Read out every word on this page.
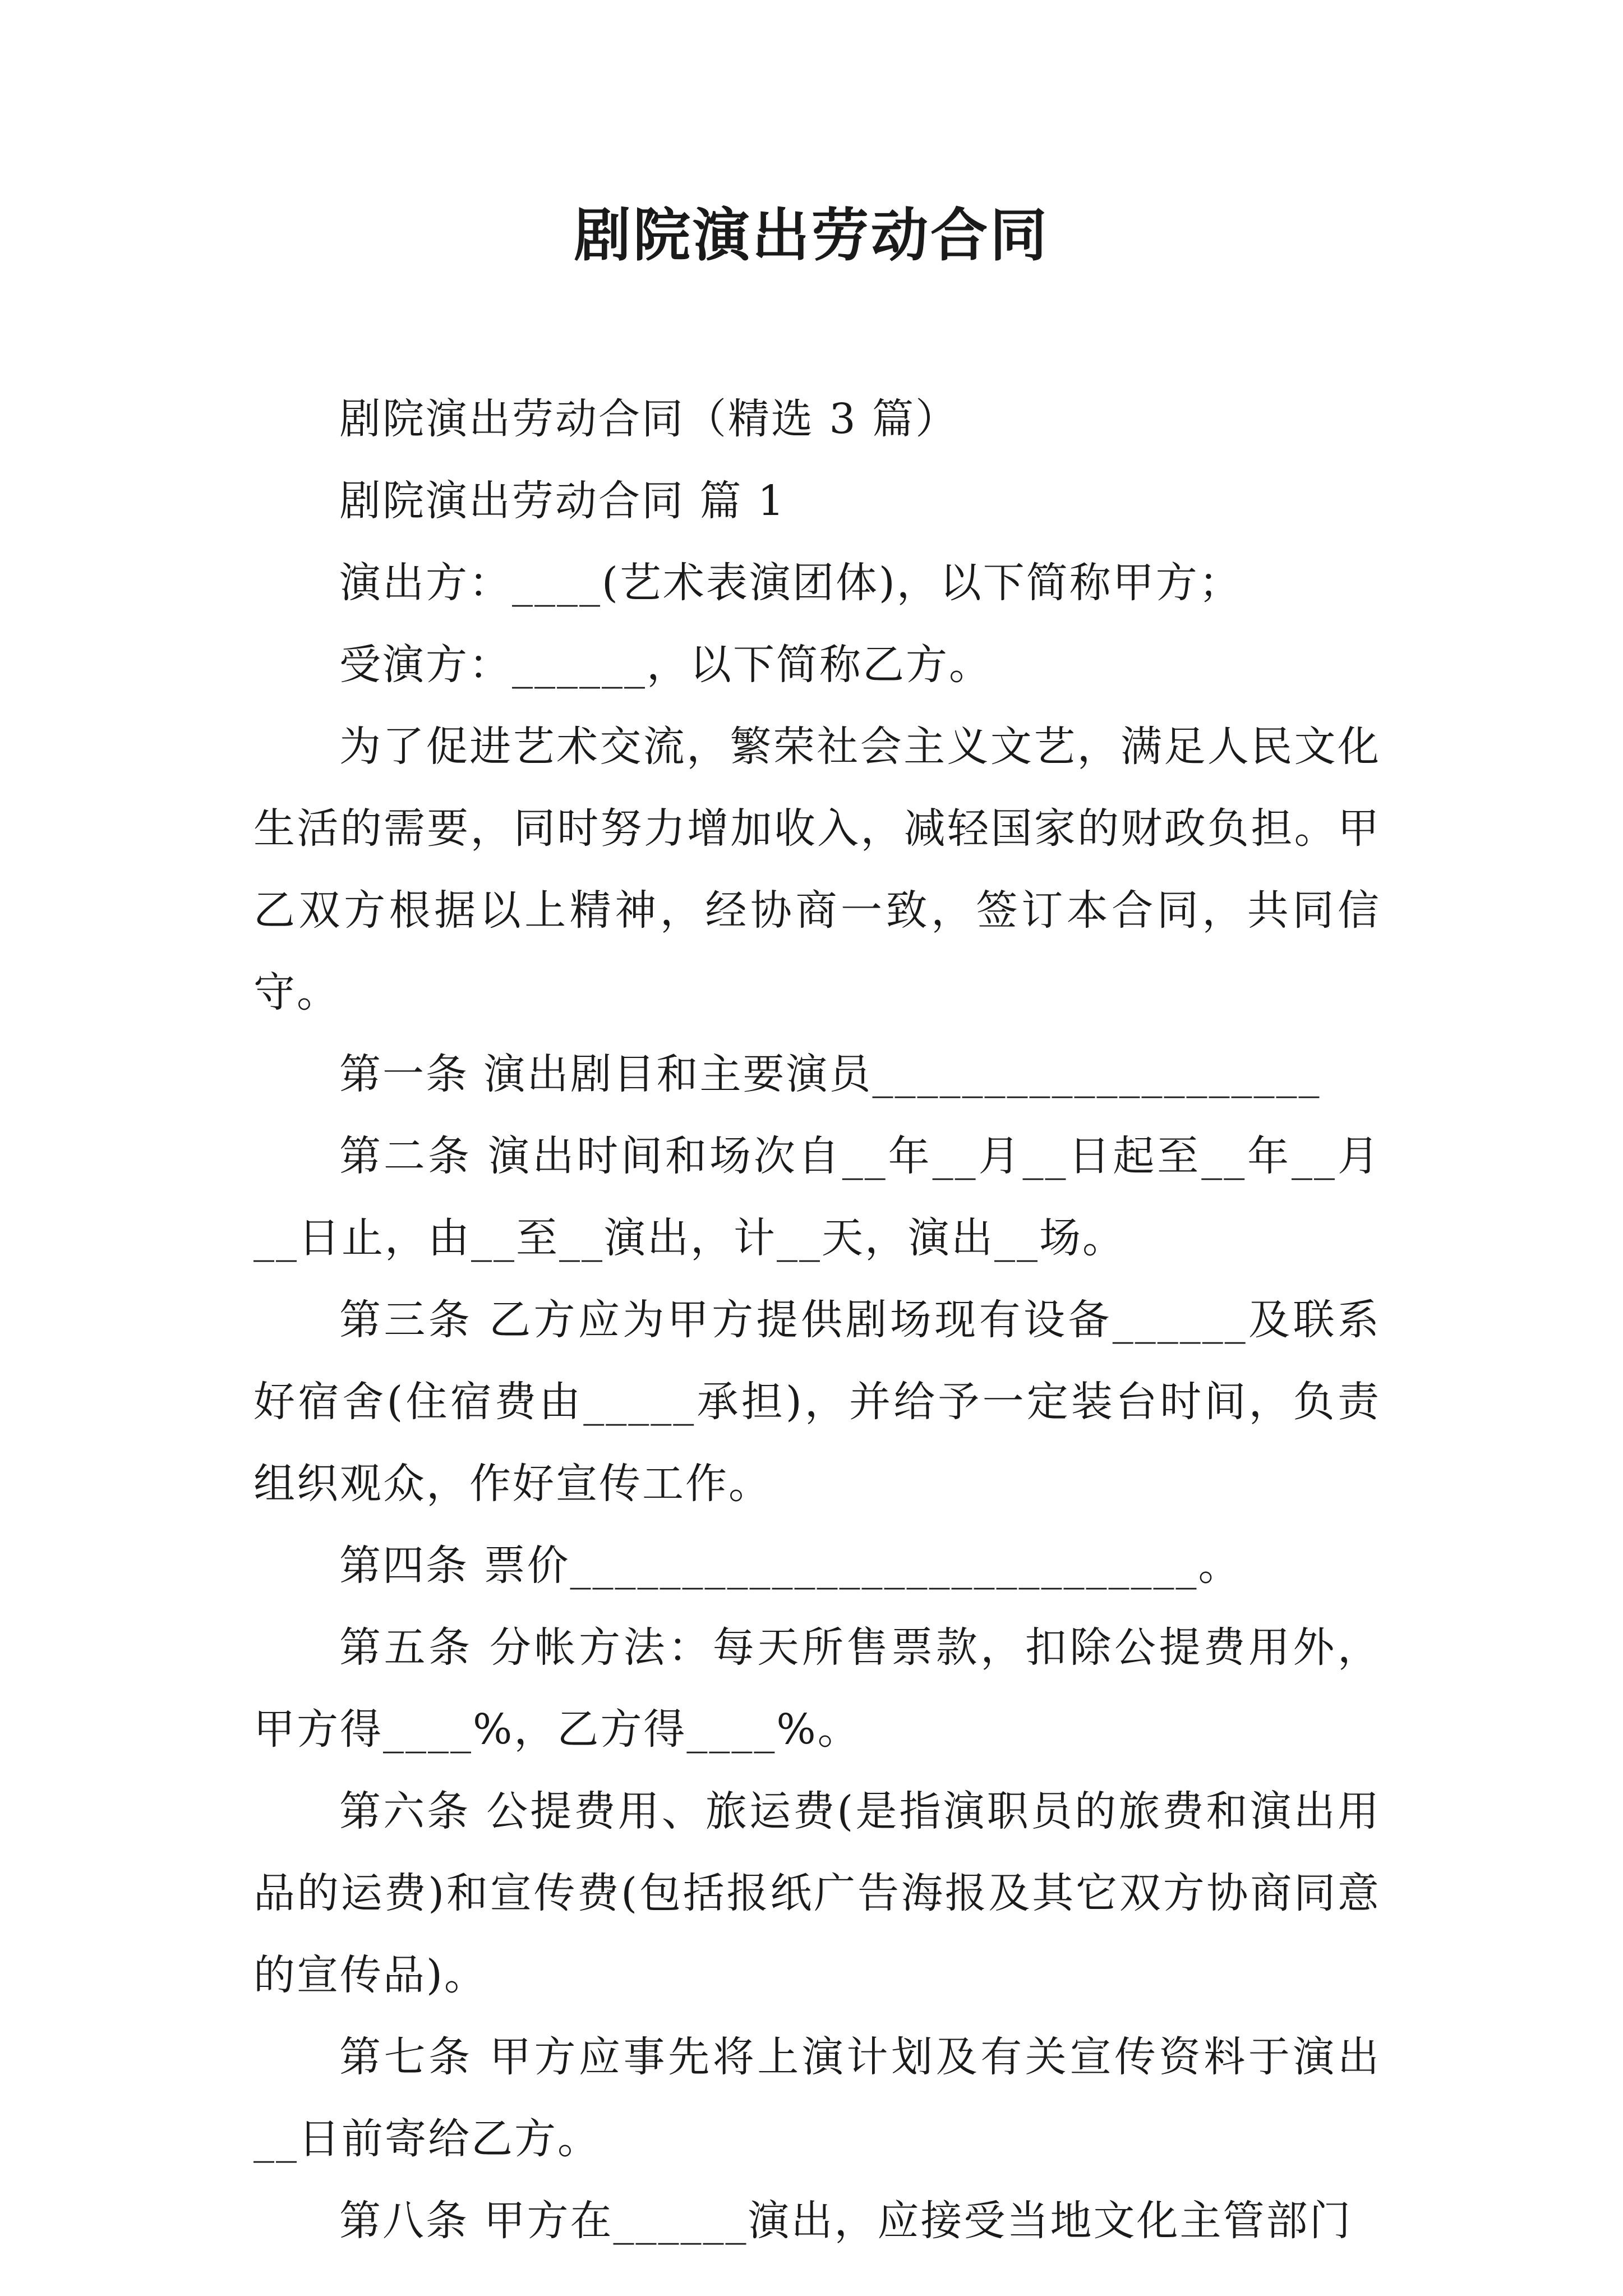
剧院演出劳动合同

剧院演出劳动合同（精选 3 篇）

剧院演出劳动合同 篇 1

演出方：____(艺术表演团体)，以下简称甲方；

受演方：______，以下简称乙方。

为了促进艺术交流，繁荣社会主义文艺，满足人民文化生活的需要，同时努力增加收入，减轻国家的财政负担。甲乙双方根据以上精神，经协商一致，签订本合同，共同信守。

第一条 演出剧目和主要演员____________________

第二条 演出时间和场次自__年__月__日起至__年__月__日止，由__至__演出，计__天，演出__场。

第三条 乙方应为甲方提供剧场现有设备______及联系好宿舍(住宿费由_____承担)，并给予一定装台时间，负责组织观众，作好宣传工作。

第四条 票价____________________________。

第五条 分帐方法：每天所售票款，扣除公提费用外，甲方得____%，乙方得____%。

第六条 公提费用、旅运费(是指演职员的旅费和演出用品的运费)和宣传费(包括报纸广告海报及其它双方协商同意的宣传品)。

第七条 甲方应事先将上演计划及有关宣传资料于演出__日前寄给乙方。

第八条 甲方在______演出，应接受当地文化主管部门
